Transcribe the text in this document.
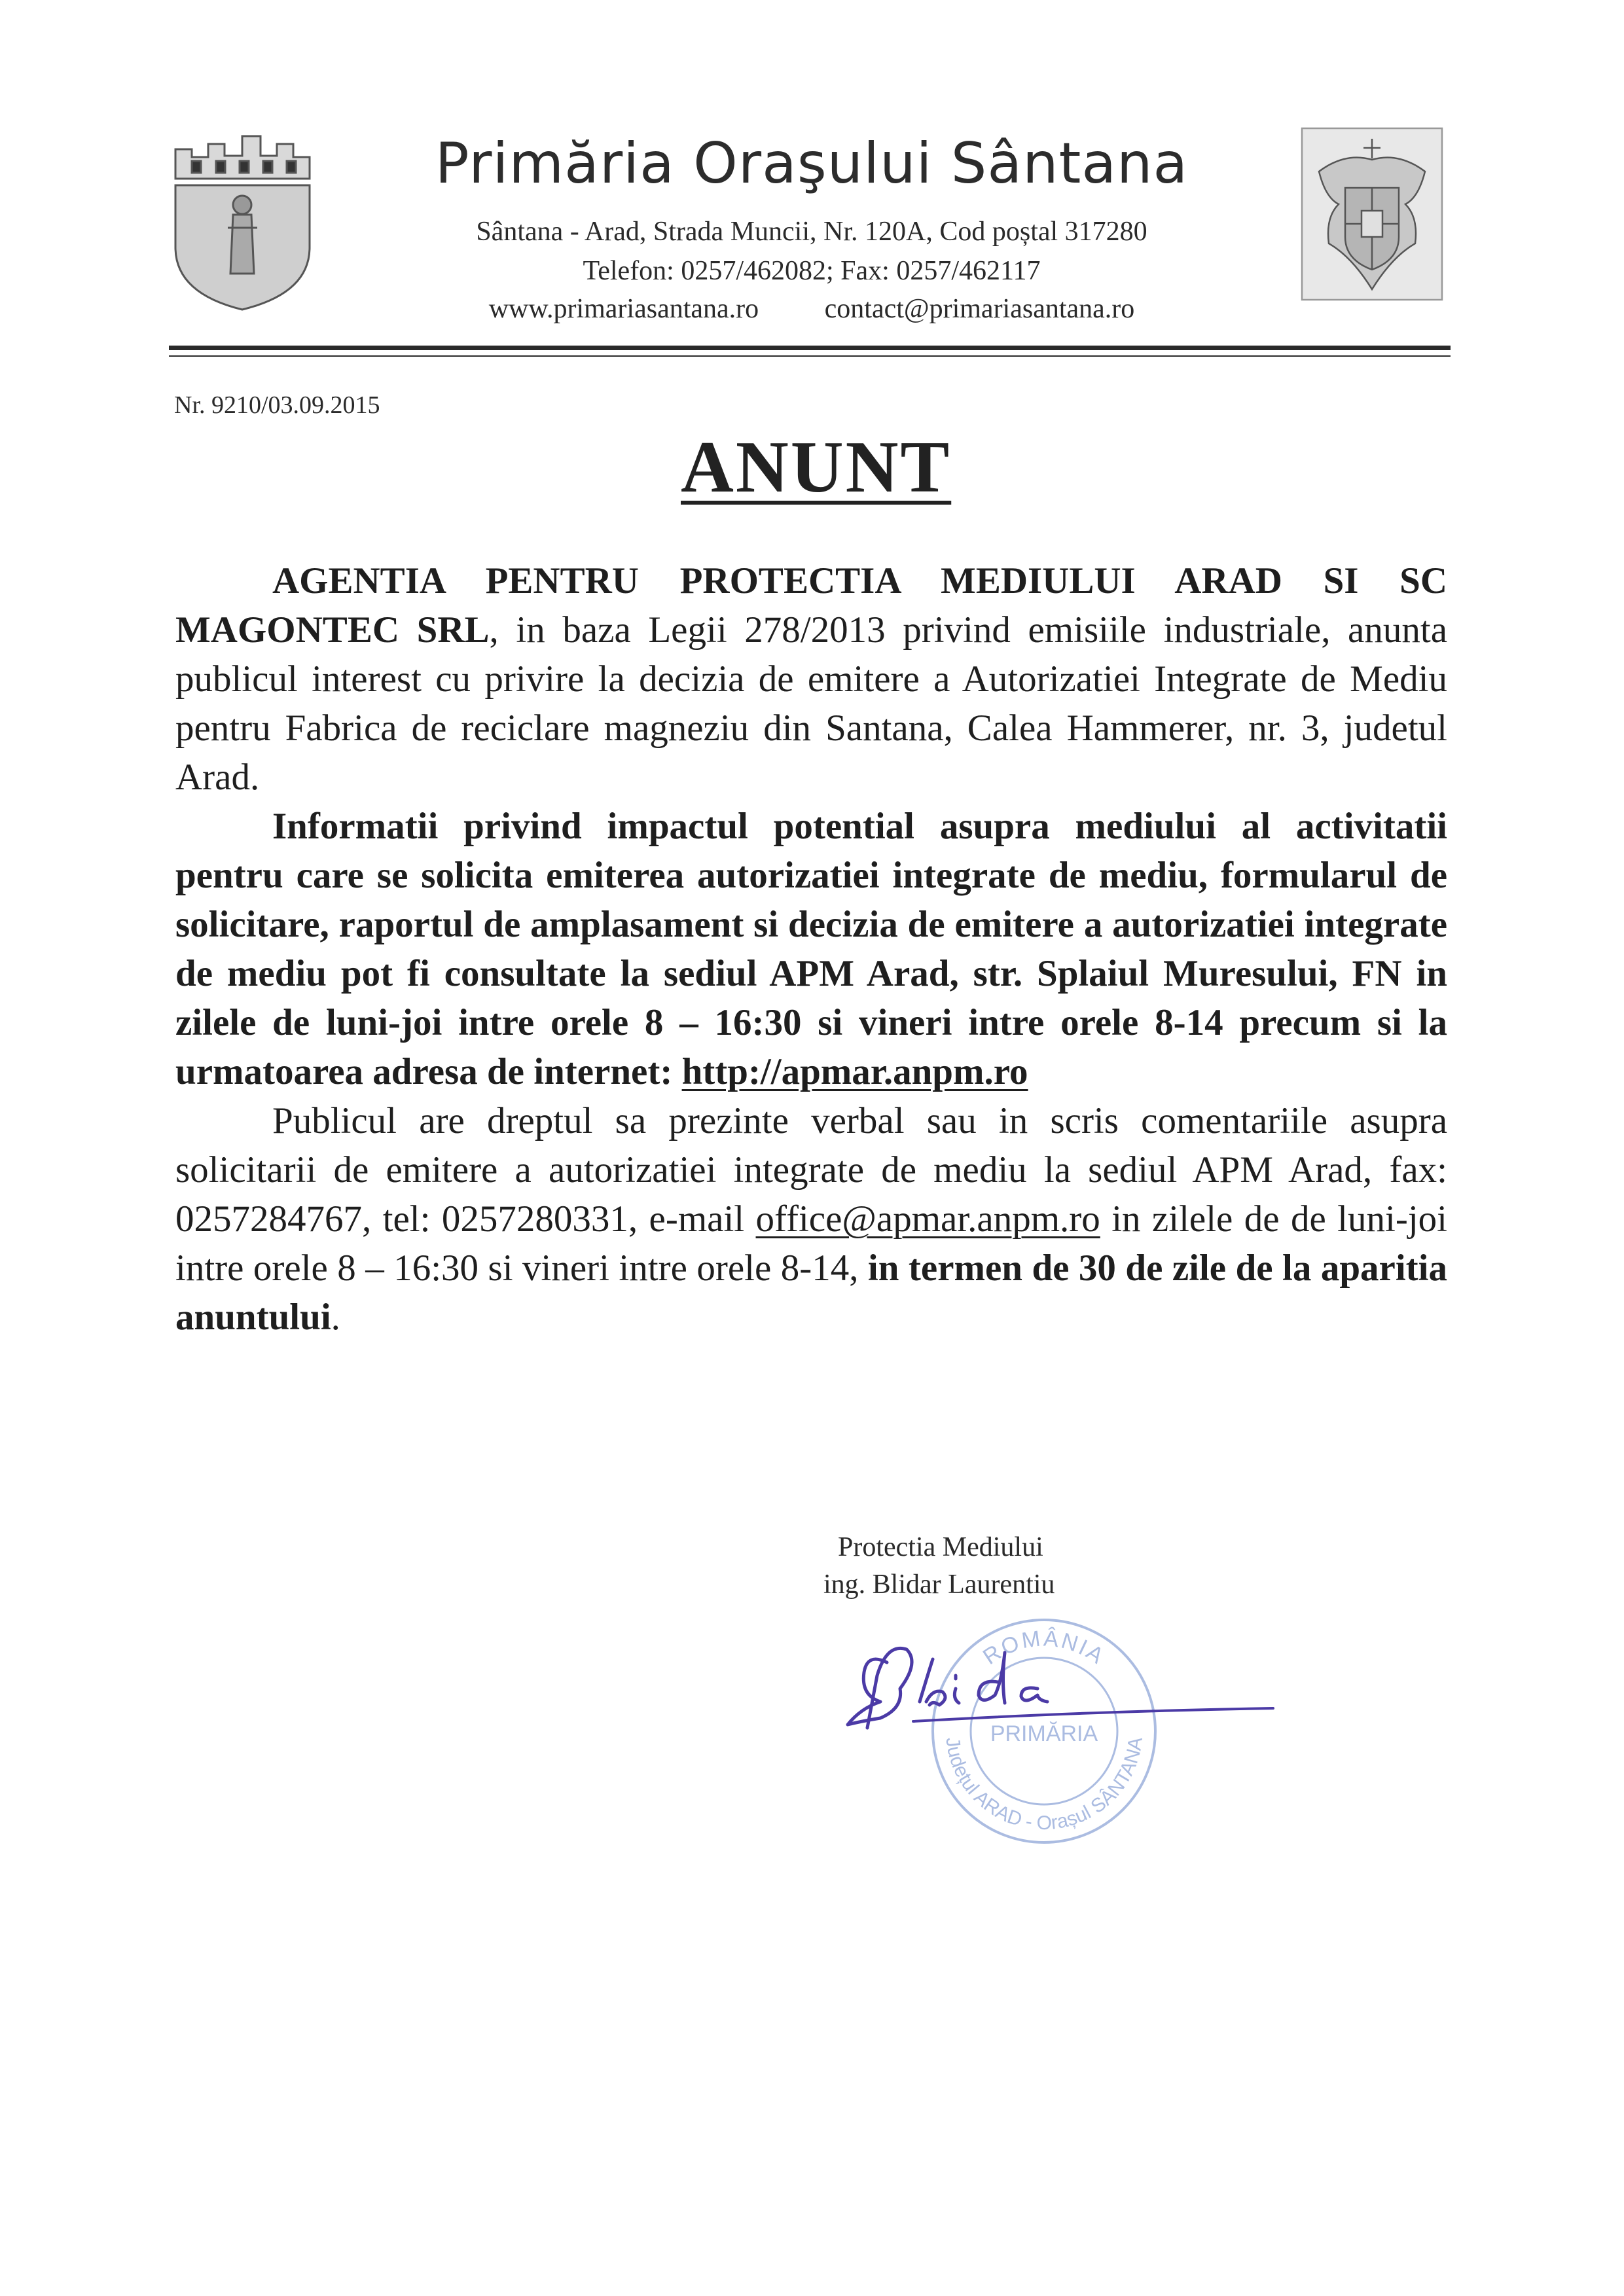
Primăria Oraşului Sântana
Sântana - Arad, Strada Muncii, Nr. 120A, Cod poștal 317280
Telefon: 0257/462082; Fax: 0257/462117
www.primariasantana.ro contact@primariasantana.ro
Nr. 9210/03.09.2015
ANUNT

AGENTIA PENTRU PROTECTIA MEDIULUI ARAD SI SC MAGONTEC SRL, in baza Legii 278/2013 privind emisiile industriale, anunta publicul interest cu privire la decizia de emitere a Autorizatiei Integrate de Mediu pentru Fabrica de reciclare magneziu din Santana, Calea Hammerer, nr. 3, judetul Arad.

Informatii privind impactul potential asupra mediului al activitatii pentru care se solicita emiterea autorizatiei integrate de mediu, formularul de solicitare, raportul de amplasament si decizia de emitere a autorizatiei integrate de mediu pot fi consultate la sediul APM Arad, str. Splaiul Muresului, FN in zilele de luni-joi intre orele 8 – 16:30 si vineri intre orele 8-14 precum si la urmatoarea adresa de internet: http://apmar.anpm.ro

Publicul are dreptul sa prezinte verbal sau in scris comentariile asupra solicitarii de emitere a autorizatiei integrate de mediu la sediul APM Arad, fax: 0257284767, tel: 0257280331, e-mail office@apmar.anpm.ro in zilele de de luni-joi intre orele 8 – 16:30 si vineri intre orele 8-14, in termen de 30 de zile de la aparitia anuntului.

Protectia Mediului
ing. Blidar Laurentiu
ROMÂNIA
PRIMĂRIA
Județul ARAD - Orașul SÂNTANA
